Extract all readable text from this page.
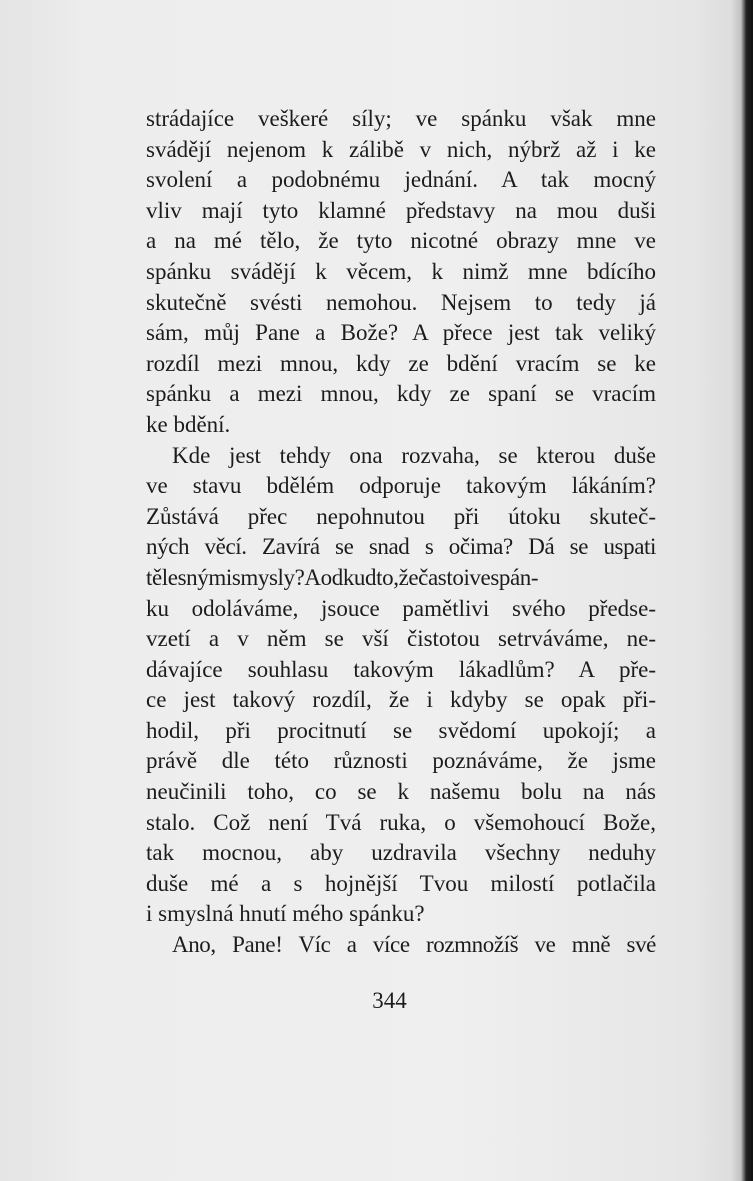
strádajíce veškeré síly; ve spánku však mne
svádějí nejenom k zálibě v nich, nýbrž až i ke
svolení a podobnému jednání. A tak mocný
vliv mají tyto klamné představy na mou duši
a na mé tělo, že tyto nicotné obrazy mne ve
spánku svádějí k věcem, k nimž mne bdícího
skutečně svésti nemohou. Nejsem to tedy já
sám, můj Pane a Bože? A přece jest tak veliký
rozdíl mezi mnou, kdy ze bdění vracím se ke
spánku a mezi mnou, kdy ze spaní se vracím
ke bdění.
Kde jest tehdy ona rozvaha, se kterou duše
ve stavu bdělém odporuje takovým lákáním?
Zůstává přec nepohnutou při útoku skuteč-
ných věcí. Zavírá se snad s očima? Dá se uspati
tělesnýmismysly?Aodkudto,žečastoivespán-
ku odoláváme, jsouce pamětlivi svého předse-
vzetí a v něm se vší čistotou setrváváme, ne-
dávajíce souhlasu takovým lákadlům? A pře-
ce jest takový rozdíl, že i kdyby se opak při-
hodil, při procitnutí se svědomí upokojí; a
právě dle této různosti poznáváme, že jsme
neučinili toho, co se k našemu bolu na nás
stalo. Což není Tvá ruka, o všemohoucí Bože,
tak mocnou, aby uzdravila všechny neduhy
duše mé a s hojnější Tvou milostí potlačila
i smyslná hnutí mého spánku?
Ano, Pane! Víc a více rozmnožíš ve mně své
344
